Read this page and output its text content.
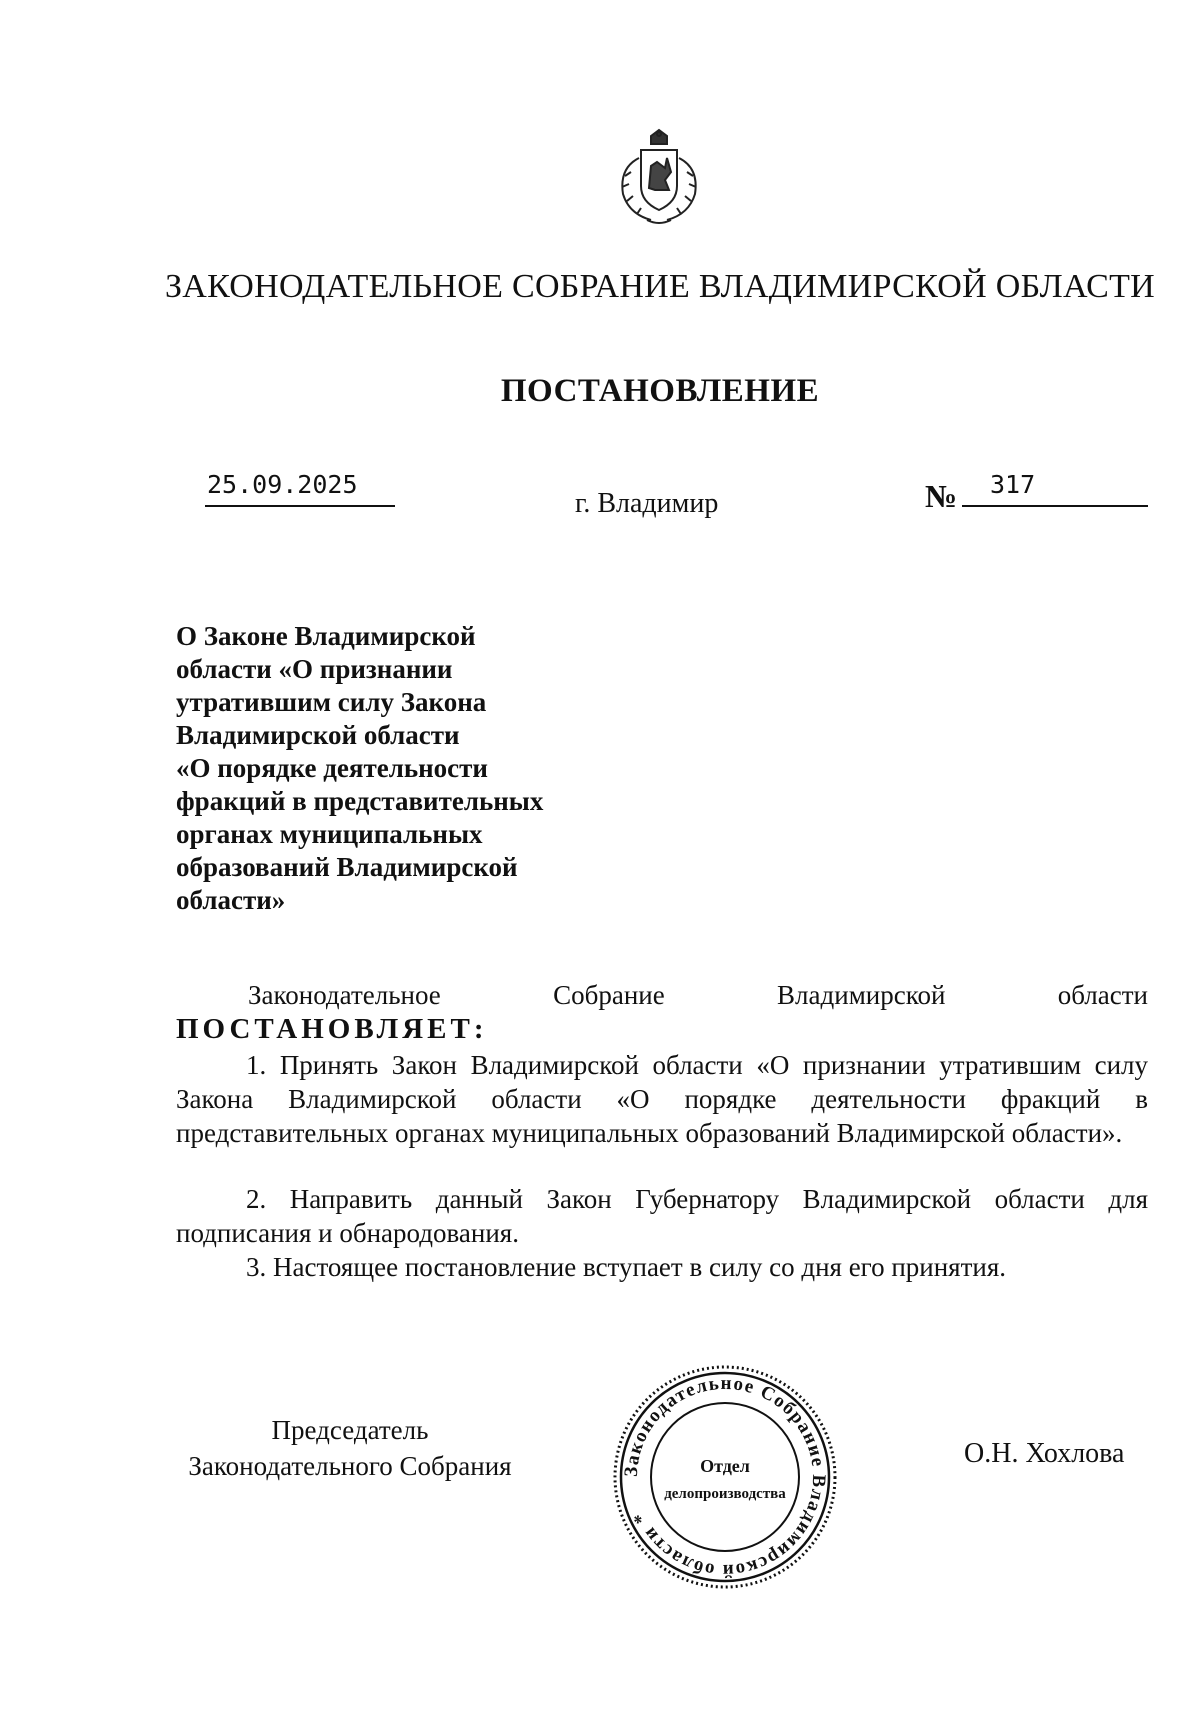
ЗАКОНОДАТЕЛЬНОЕ СОБРАНИЕ ВЛАДИМИРСКОЙ ОБЛАСТИ
ПОСТАНОВЛЕНИЕ
25.09.2025
г. Владимир	№	317
О Законе Владимирской
области «О признании
утратившим силу Закона
Владимирской области
«О порядке деятельности
фракций в представительных
органах муниципальных
образований Владимирской
области»
Законодательное	Собрание	Владимирской	области
ПОСТАНОВЛЯЕТ:

1. Принять Закон Владимирской области «О признании утратившим силу Закона Владимирской области «О порядке деятельности фракций в представительных органах муниципальных образований Владимирской области».

2. Направить данный Закон Губернатору Владимирской области для подписания и обнародования.

3. Настоящее постановление вступает в силу со дня его принятия.

Председатель
Законодательного Собрания	Законодательное Собрание Владимирской области *
Отдел
делопроизводства
О.Н. Хохлова
